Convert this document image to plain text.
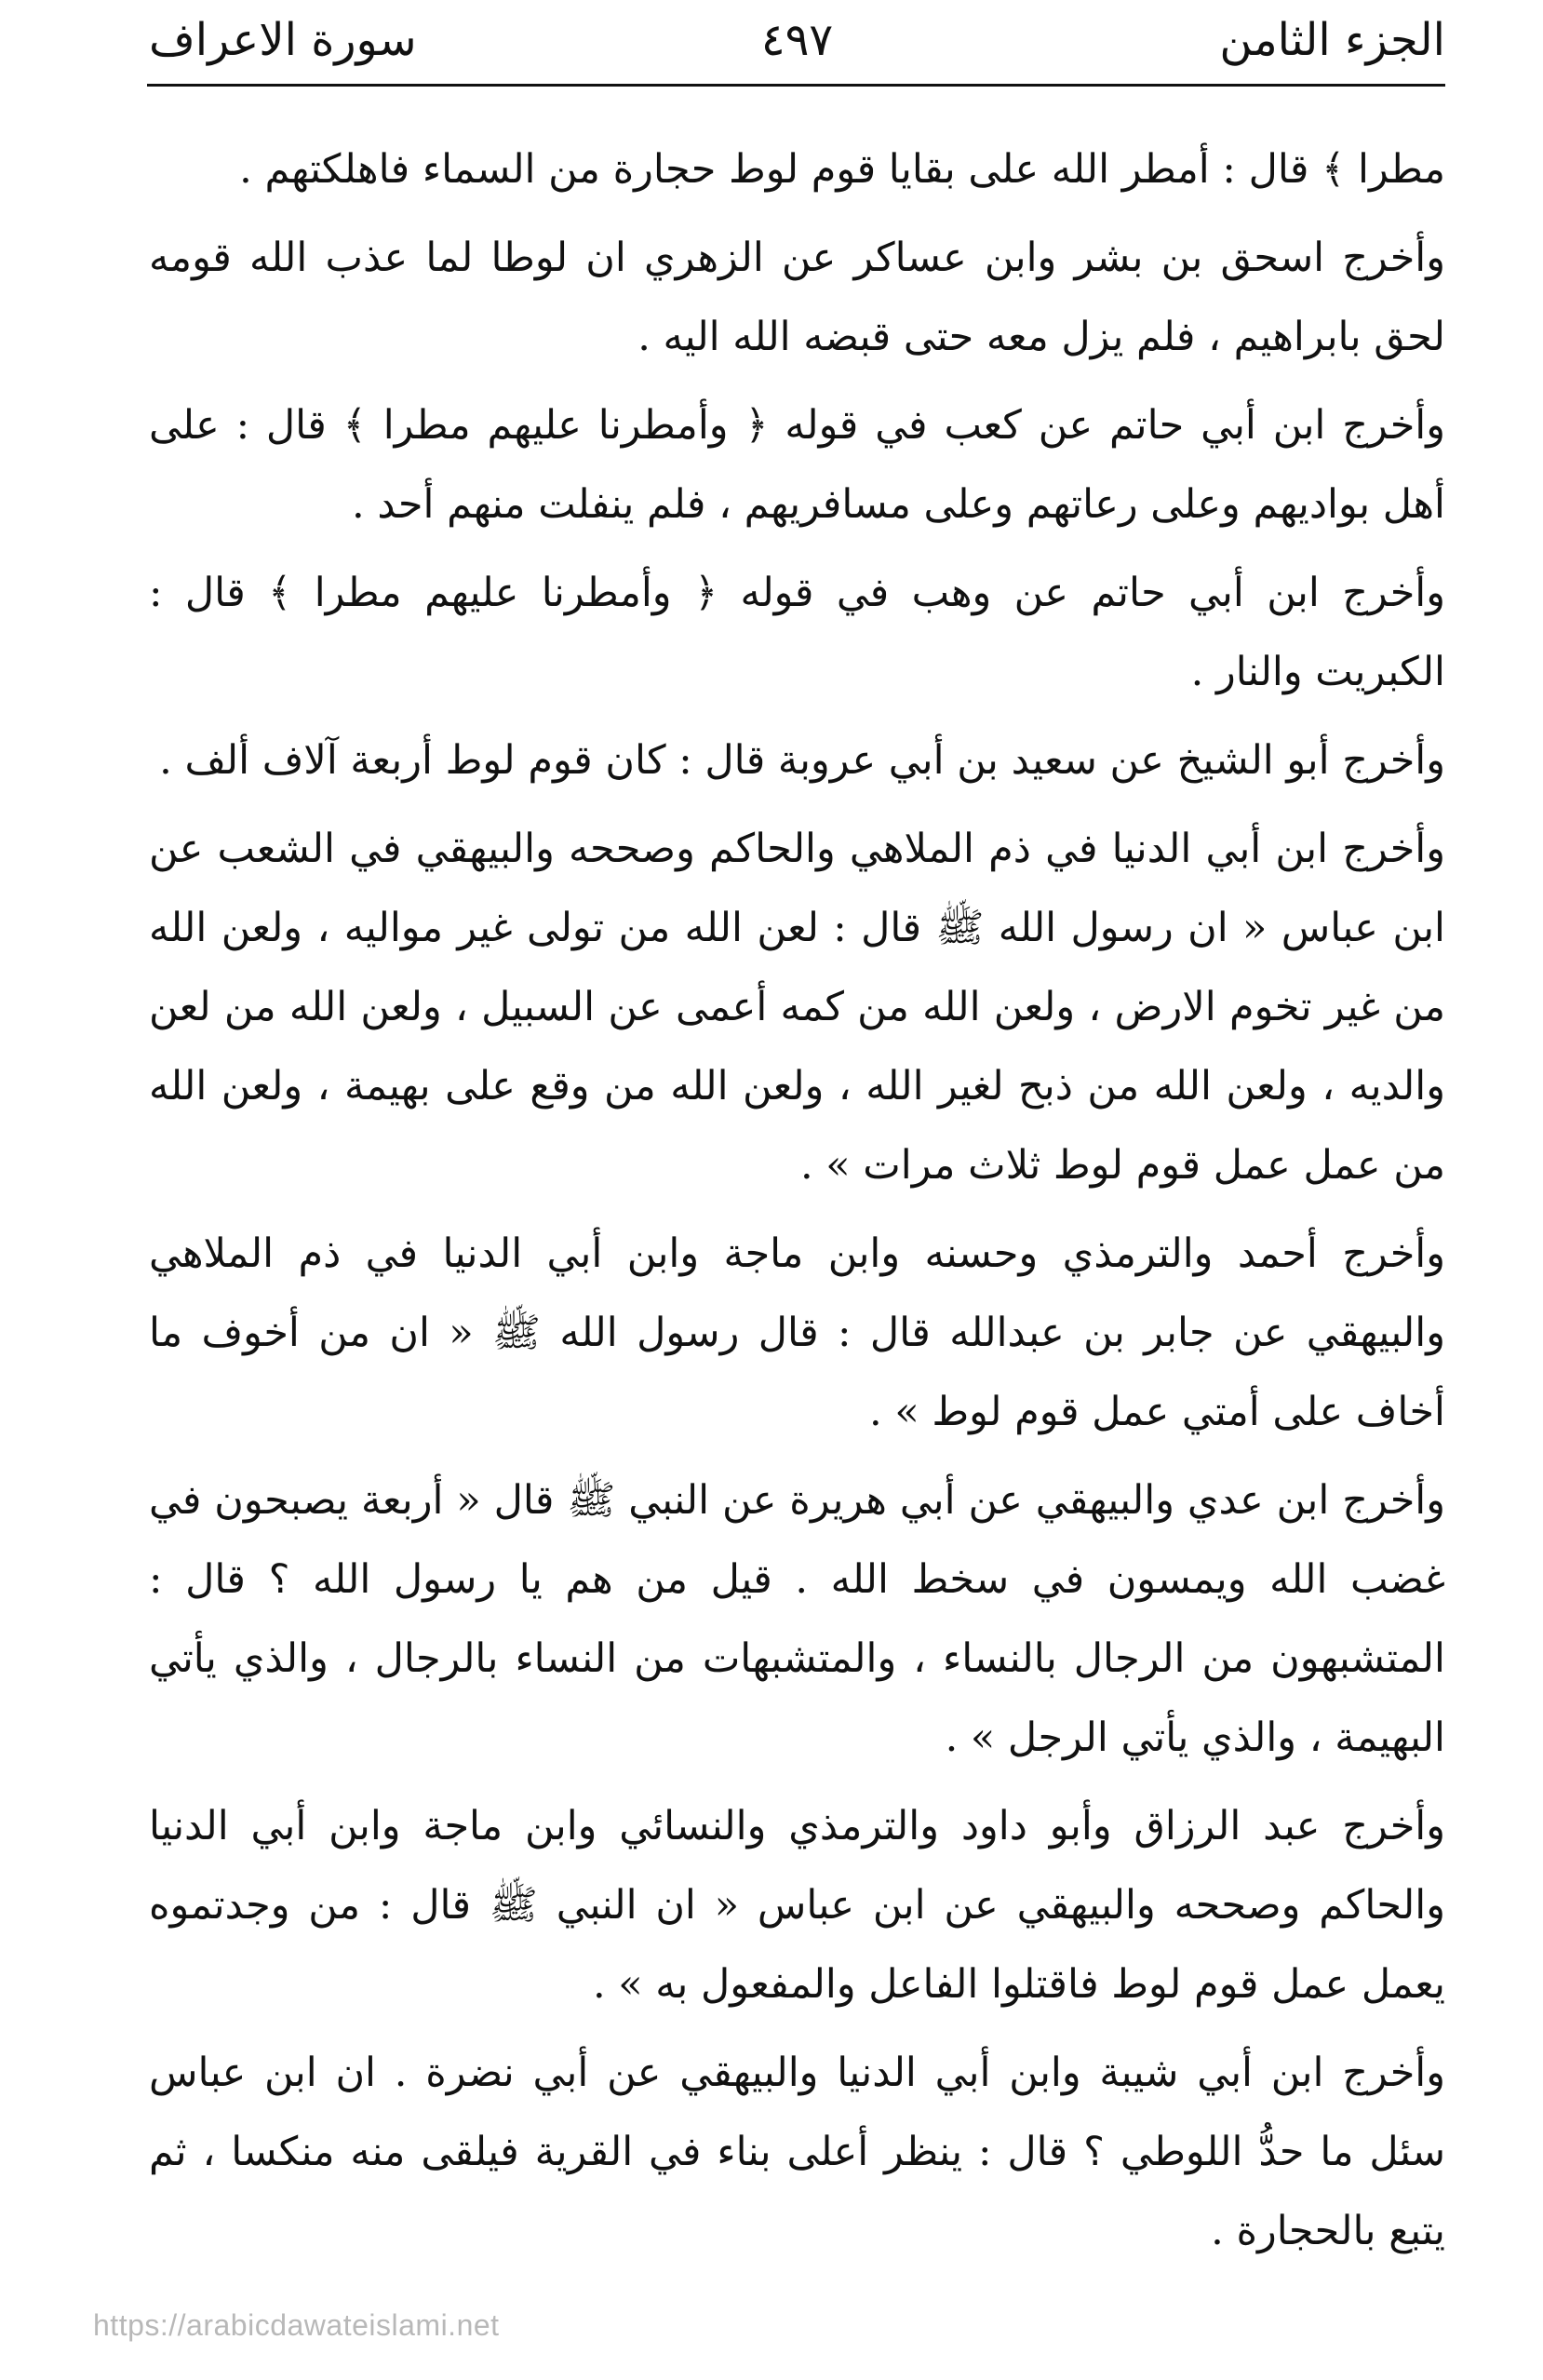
الجزء الثامن
٤٩٧
سورة الاعراف

مطرا ﴾ قال : أمطر الله على بقايا قوم لوط حجارة من السماء فاهلكتهم .

وأخرج اسحق بن بشر وابن عساكر عن الزهري ان لوطا لما عذب الله قومه لحق بابراهيم ، فلم يزل معه حتى قبضه الله اليه .

وأخرج ابن أبي حاتم عن كعب في قوله ﴿ وأمطرنا عليهم مطرا ﴾ قال : على أهل بواديهم وعلى رعاتهم وعلى مسافريهم ، فلم ينفلت منهم أحد .

وأخرج ابن أبي حاتم عن وهب في قوله ﴿ وأمطرنا عليهم مطرا ﴾ قال : الكبريت والنار .

وأخرج أبو الشيخ عن سعيد بن أبي عروبة قال : كان قوم لوط أربعة آلاف ألف .

وأخرج ابن أبي الدنيا في ذم الملاهي والحاكم وصححه والبيهقي في الشعب عن ابن عباس « ان رسول الله ﷺ قال : لعن الله من تولى غير مواليه ، ولعن الله من غير تخوم الارض ، ولعن الله من كمه أعمى عن السبيل ، ولعن الله من لعن والديه ، ولعن الله من ذبح لغير الله ، ولعن الله من وقع على بهيمة ، ولعن الله من عمل عمل قوم لوط ثلاث مرات » .

وأخرج أحمد والترمذي وحسنه وابن ماجة وابن أبي الدنيا في ذم الملاهي والبيهقي عن جابر بن عبدالله قال : قال رسول الله ﷺ « ان من أخوف ما أخاف على أمتي عمل قوم لوط » .

وأخرج ابن عدي والبيهقي عن أبي هريرة عن النبي ﷺ قال « أربعة يصبحون في غضب الله ويمسون في سخط الله . قيل من هم يا رسول الله ؟ قال : المتشبهون من الرجال بالنساء ، والمتشبهات من النساء بالرجال ، والذي يأتي البهيمة ، والذي يأتي الرجل » .

وأخرج عبد الرزاق وأبو داود والترمذي والنسائي وابن ماجة وابن أبي الدنيا والحاكم وصححه والبيهقي عن ابن عباس « ان النبي ﷺ قال : من وجدتموه يعمل عمل قوم لوط فاقتلوا الفاعل والمفعول به » .

وأخرج ابن أبي شيبة وابن أبي الدنيا والبيهقي عن أبي نضرة . ان ابن عباس سئل ما حدُّ اللوطي ؟ قال : ينظر أعلى بناء في القرية فيلقى منه منكسا ، ثم يتبع بالحجارة .

https://arabicdawateislami.net
